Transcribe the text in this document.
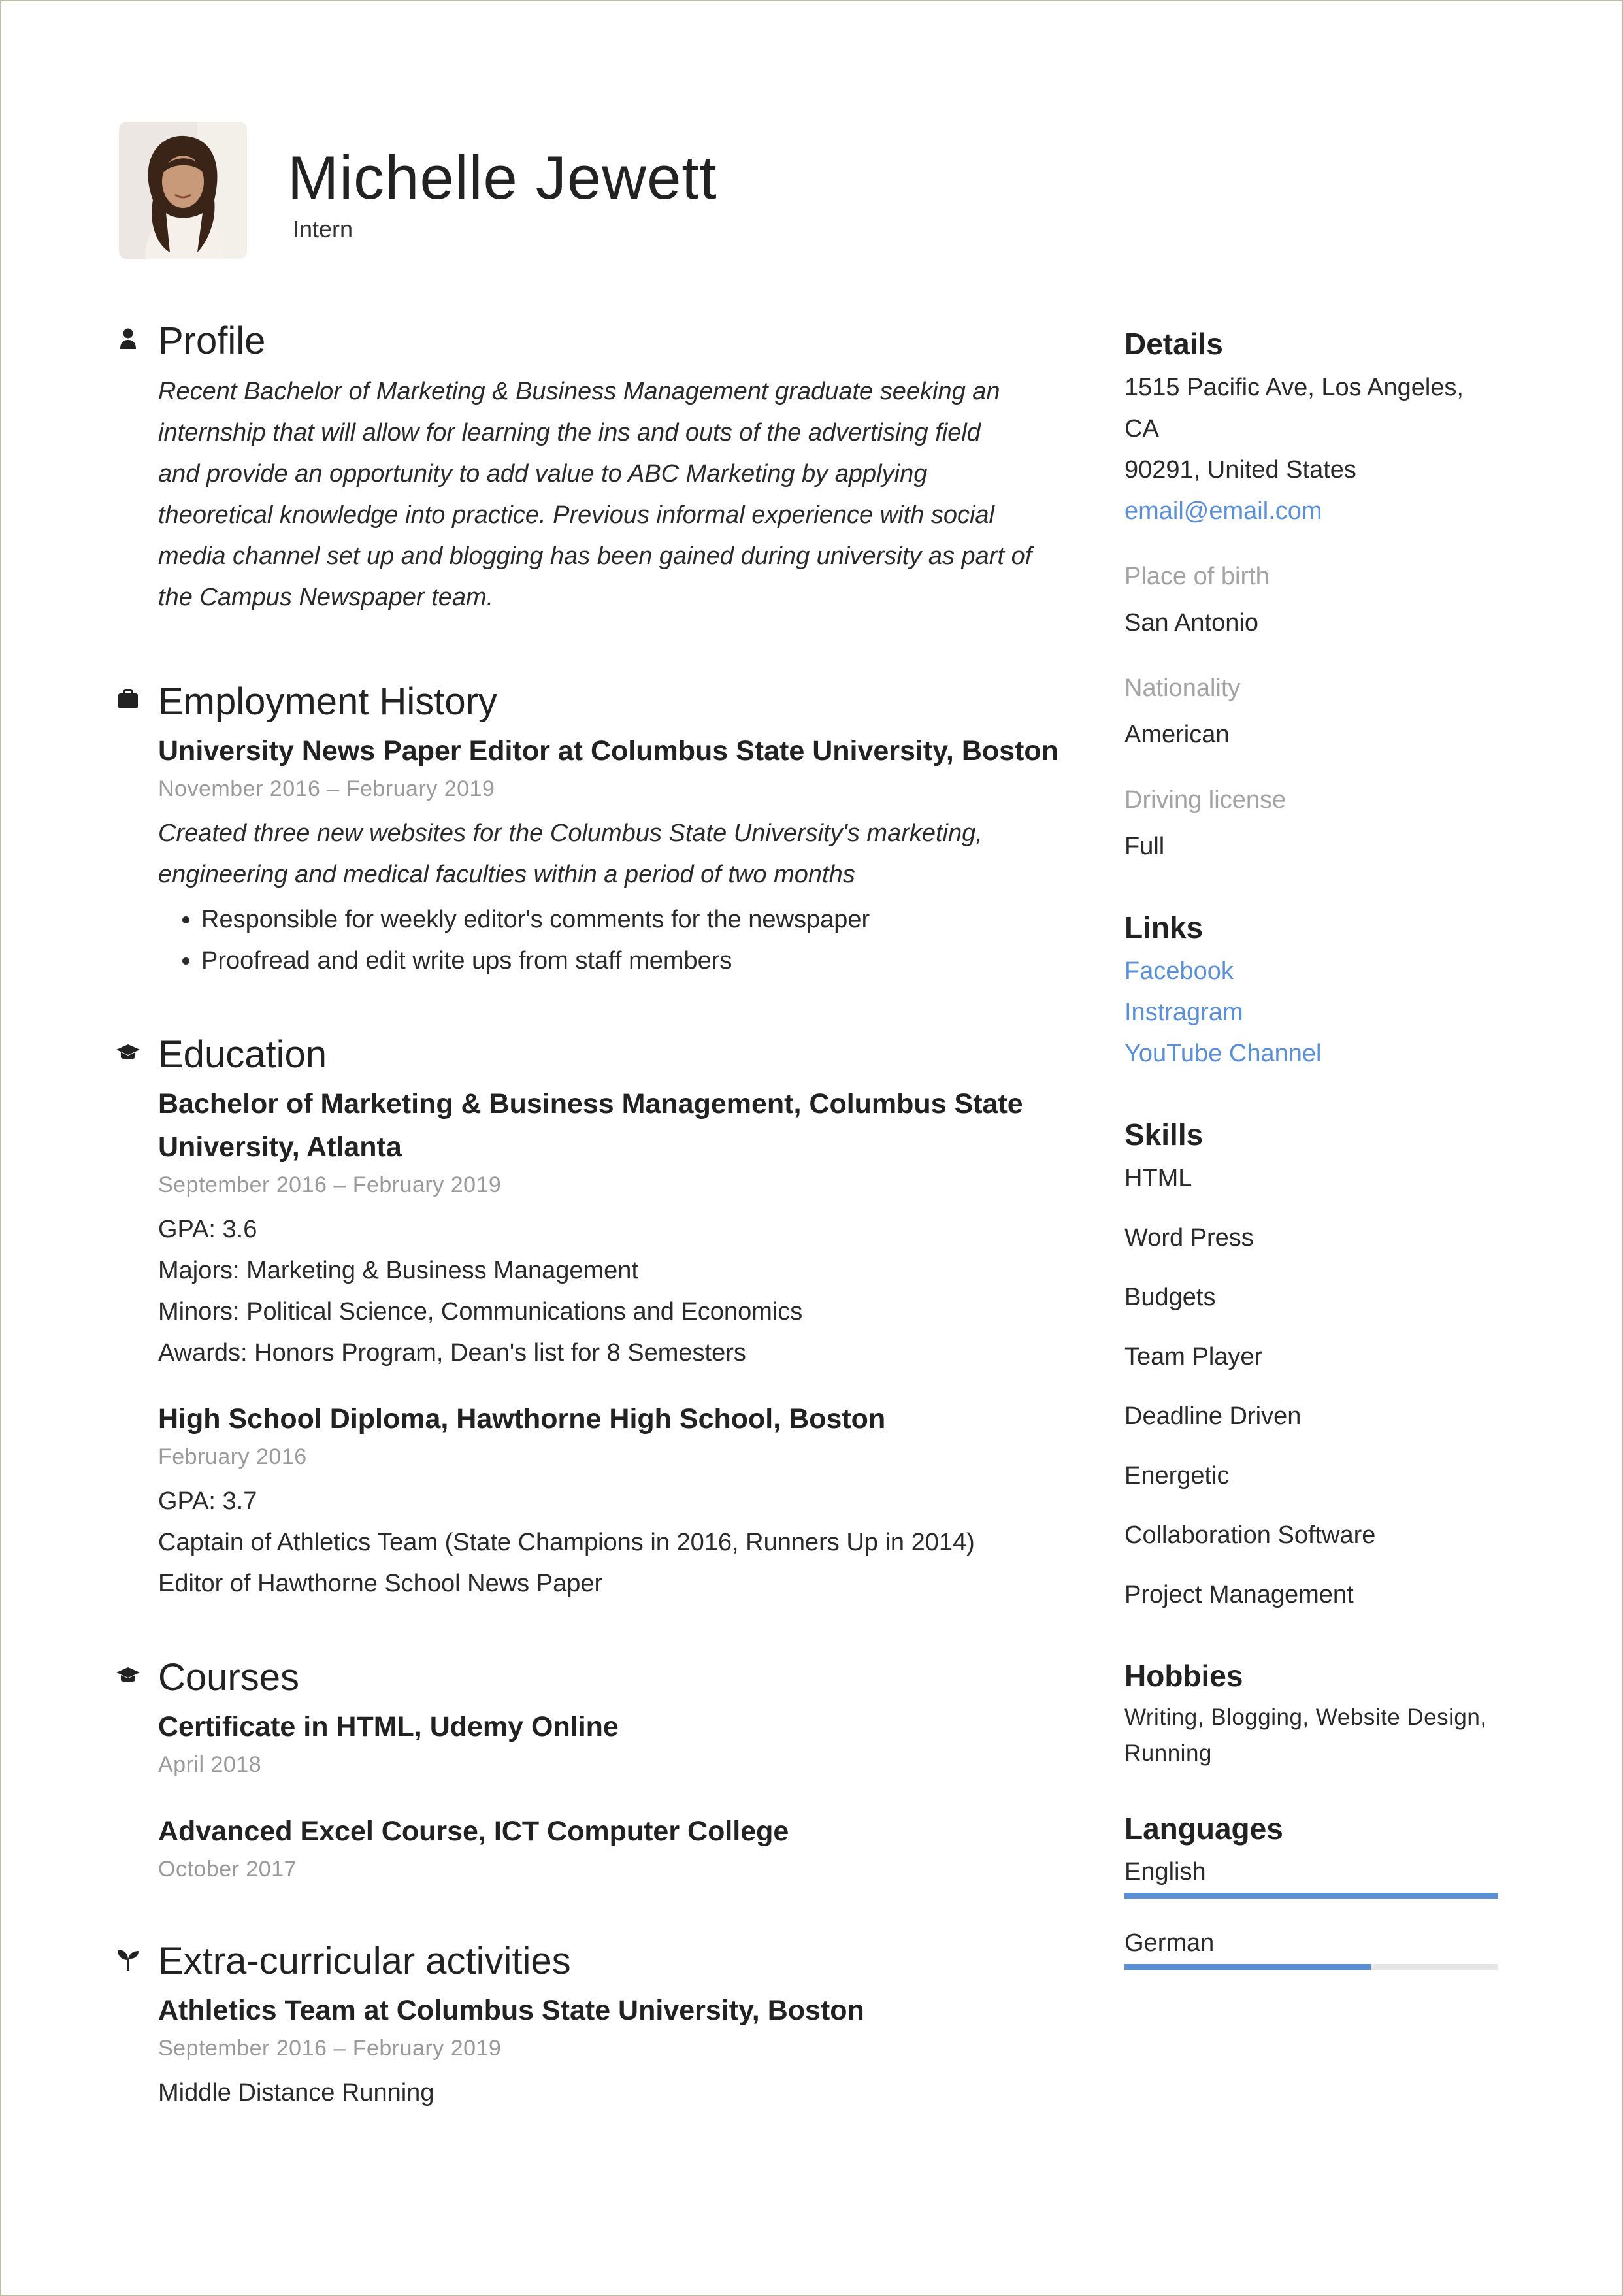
Michelle Jewett
Intern
Profile
Recent Bachelor of Marketing & Business Management graduate seeking an
internship that will allow for learning the ins and outs of the advertising field
and provide an opportunity to add value to ABC Marketing by applying
theoretical knowledge into practice. Previous informal experience with social
media channel set up and blogging has been gained during university as part of
the Campus Newspaper team.
Employment History
University News Paper Editor at Columbus State University, Boston
November 2016 – February 2019
Created three new websites for the Columbus State University's marketing,
engineering and medical faculties within a period of two months
• Responsible for weekly editor's comments for the newspaper
• Proofread and edit write ups from staff members
Education
Bachelor of Marketing & Business Management, Columbus State
University, Atlanta
September 2016 – February 2019
GPA: 3.6
Majors: Marketing & Business Management
Minors: Political Science, Communications and Economics
Awards: Honors Program, Dean's list for 8 Semesters
High School Diploma, Hawthorne High School, Boston
February 2016
GPA: 3.7
Captain of Athletics Team (State Champions in 2016, Runners Up in 2014)
Editor of Hawthorne School News Paper
Courses
Certificate in HTML, Udemy Online
April 2018
Advanced Excel Course, ICT Computer College
October 2017
Extra-curricular activities
Athletics Team at Columbus State University, Boston
September 2016 – February 2019
Middle Distance Running
Details
1515 Pacific Ave, Los Angeles, CA
90291, United States
email@email.com
Place of birth
San Antonio
Nationality
American
Driving license
Full
Links
Facebook
Instragram
YouTube Channel
Skills
HTML
Word Press
Budgets
Team Player
Deadline Driven
Energetic
Collaboration Software
Project Management
Hobbies
Writing, Blogging, Website Design,
Running
Languages
English
German
